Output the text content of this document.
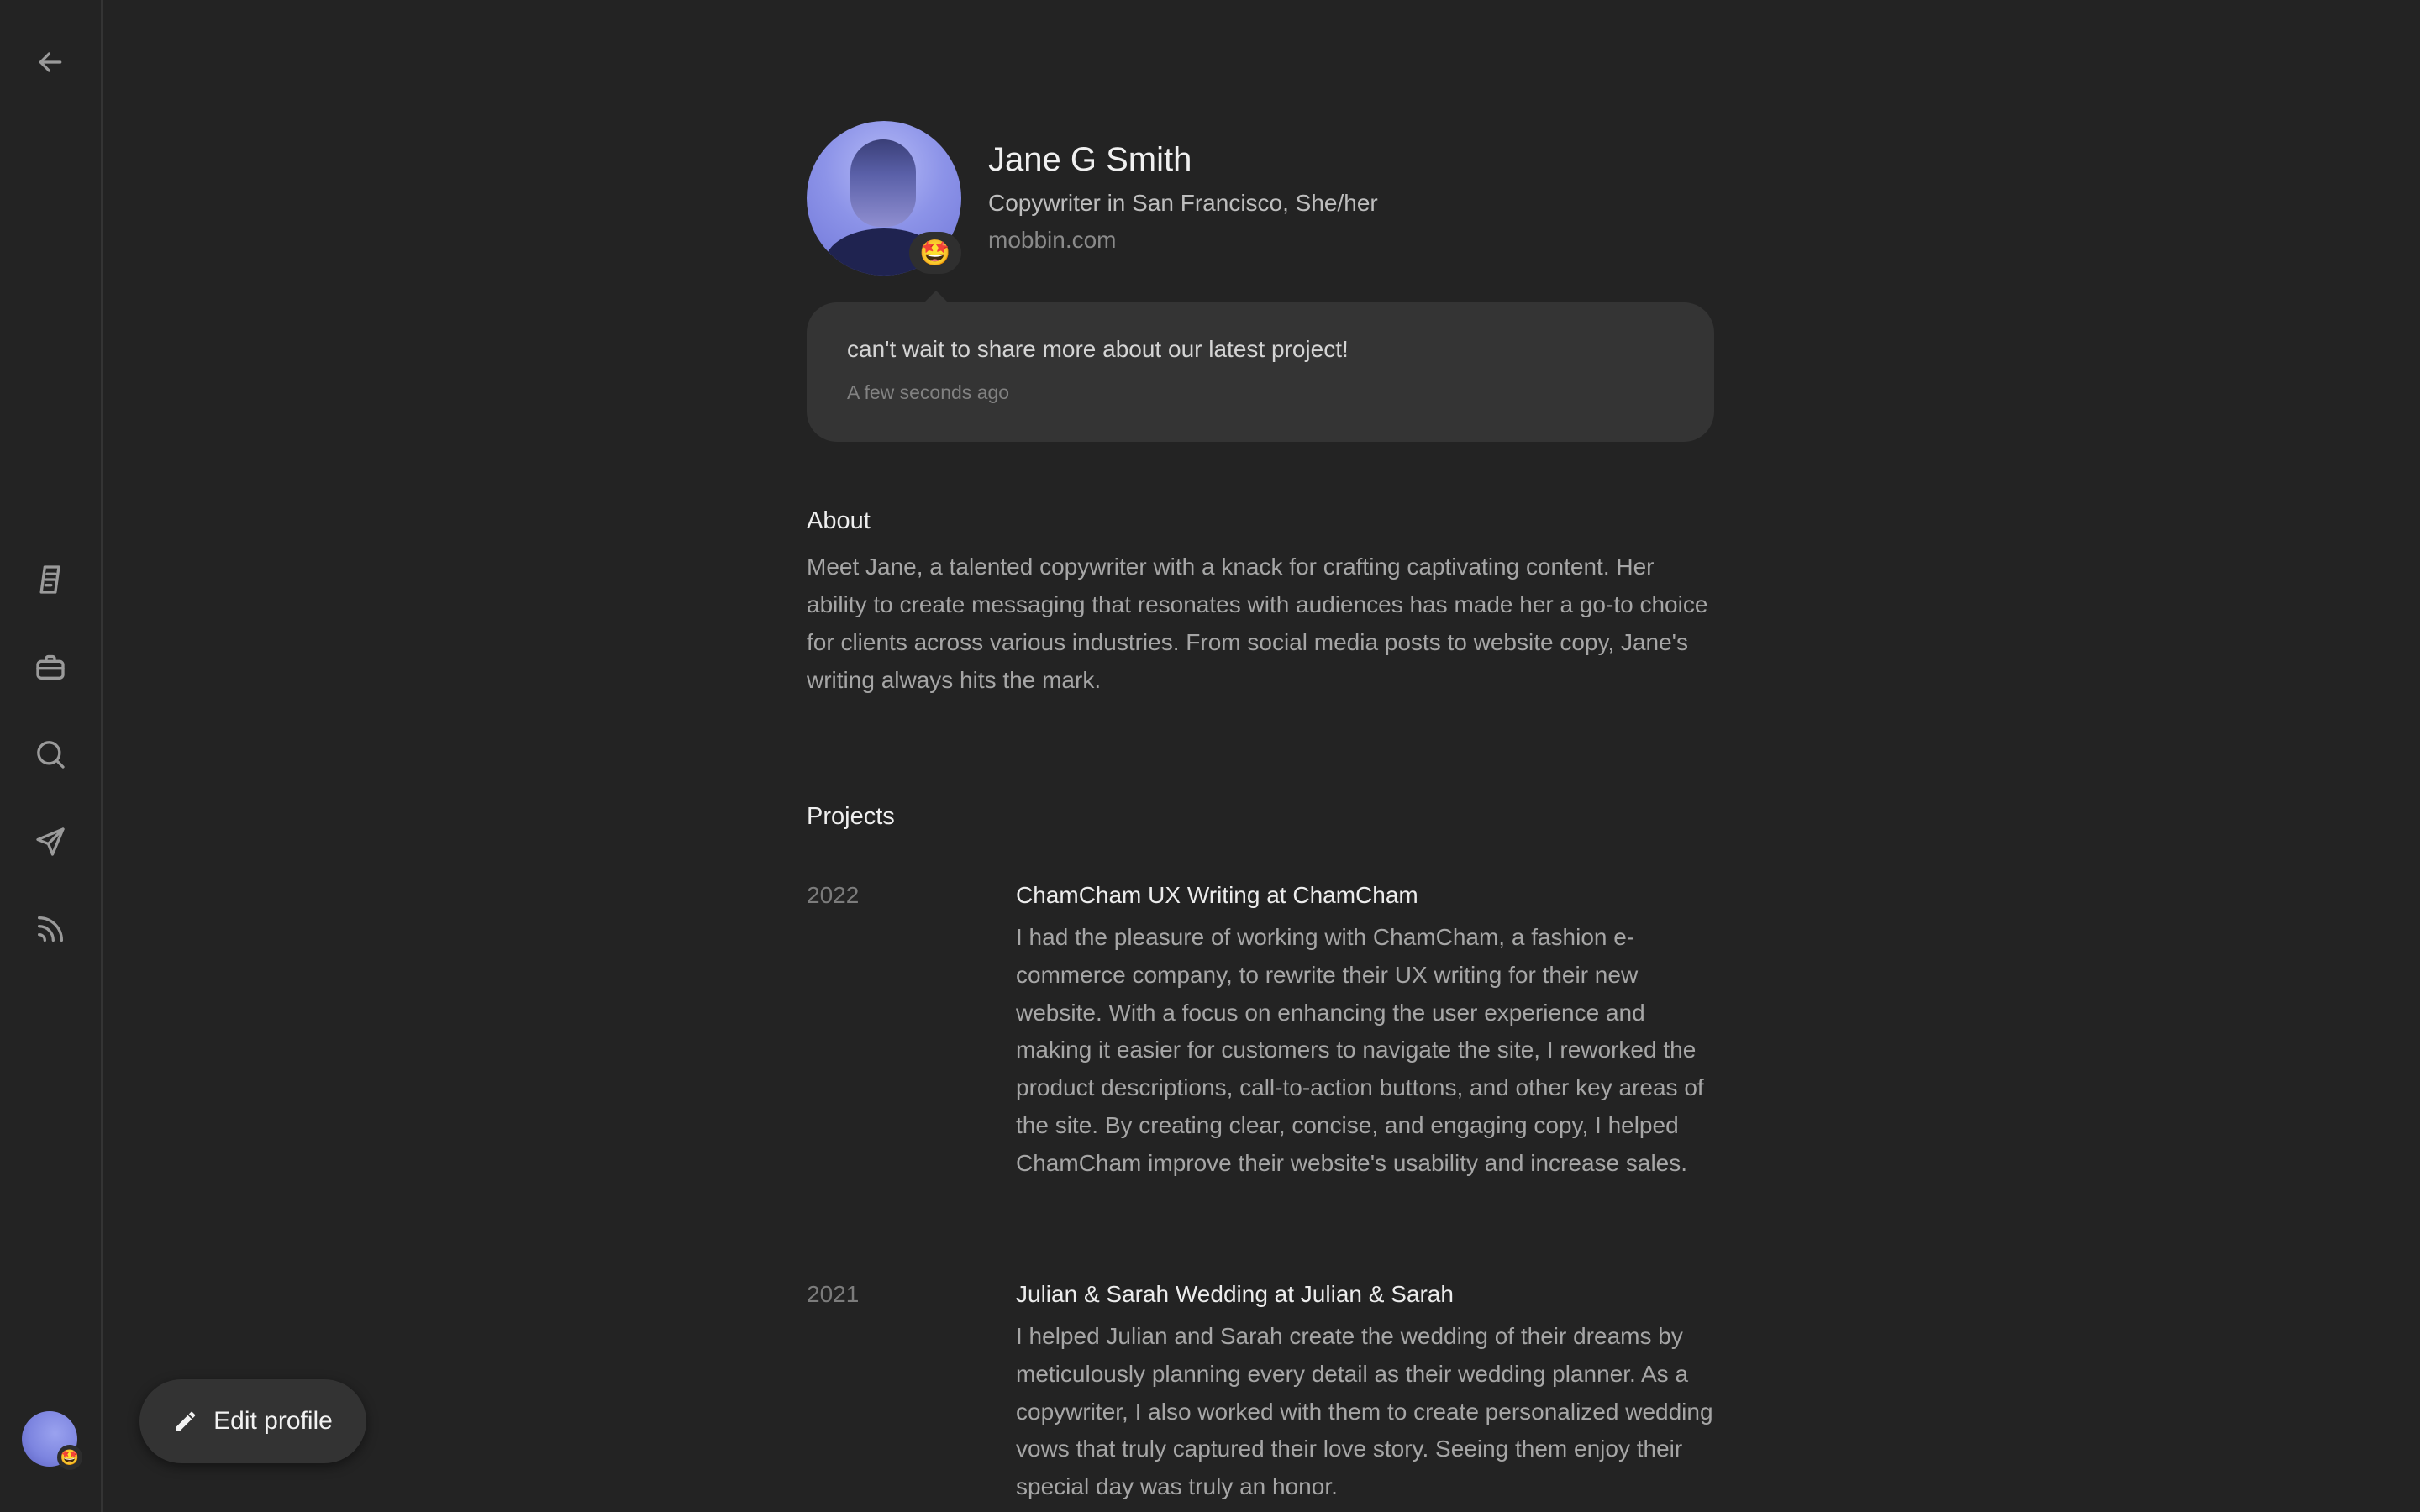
🤩
Edit profile
🤩
Jane G Smith
Copywriter in San Francisco, She/her
mobbin.com
can't wait to share more about our latest project!
A few seconds ago
About
Meet Jane, a talented copywriter with a knack for crafting captivating content. Her ability to create messaging that resonates with audiences has made her a go-to choice for clients across various industries. From social media posts to website copy, Jane's writing always hits the mark.
Projects
2022	ChamCham UX Writing at ChamCham
I had the pleasure of working with ChamCham, a fashion e-commerce company, to rewrite their UX writing for their new website. With a focus on enhancing the user experience and making it easier for customers to navigate the site, I reworked the product descriptions, call-to-action buttons, and other key areas of the site. By creating clear, concise, and engaging copy, I helped ChamCham improve their website's usability and increase sales.
2021	Julian & Sarah Wedding at Julian & Sarah
I helped Julian and Sarah create the wedding of their dreams by meticulously planning every detail as their wedding planner. As a copywriter, I also worked with them to create personalized wedding vows that truly captured their love story. Seeing them enjoy their special day was truly an honor.
